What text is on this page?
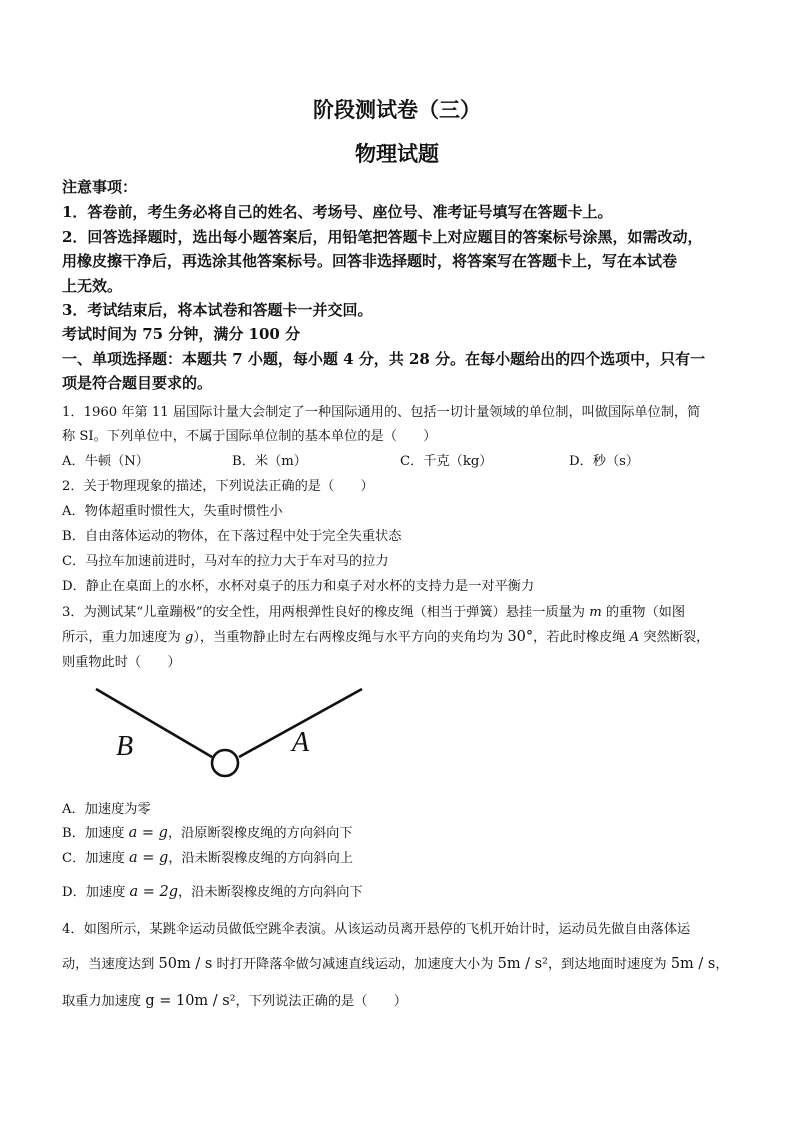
阶段测试卷（三）
物理试题
注意事项：
1．答卷前，考生务必将自己的姓名、考场号、座位号、准考证号填写在答题卡上。
2．回答选择题时，选出每小题答案后，用铅笔把答题卡上对应题目的答案标号涂黑，如需改动，
用橡皮擦干净后，再选涂其他答案标号。回答非选择题时，将答案写在答题卡上，写在本试卷
上无效。
3．考试结束后，将本试卷和答题卡一并交回。
考试时间为 75 分钟，满分 100 分
一、单项选择题：本题共 7 小题，每小题 4 分，共 28 分。在每小题给出的四个选项中，只有一
项是符合题目要求的。
1．1960 年第 11 届国际计量大会制定了一种国际通用的、包括一切计量领域的单位制，叫做国际单位制，简
称 SI。下列单位中，不属于国际单位制的基本单位的是（　　）
A．牛顿（N）	B．米（m）	C．千克（kg）	D．秒（s）
2．关于物理现象的描述，下列说法正确的是（　　）
A．物体超重时惯性大，失重时惯性小
B．自由落体运动的物体，在下落过程中处于完全失重状态
C．马拉车加速前进时，马对车的拉力大于车对马的拉力
D．静止在桌面上的水杯，水杯对桌子的压力和桌子对水杯的支持力是一对平衡力
3．为测试某“儿童蹦极”的安全性，用两根弹性良好的橡皮绳（相当于弹簧）悬挂一质量为 m 的重物（如图
所示，重力加速度为 g），当重物静止时左右两橡皮绳与水平方向的夹角均为 30°，若此时橡皮绳 A 突然断裂，
则重物此时（　　）
B	A
A．加速度为零
B．加速度 a = g，沿原断裂橡皮绳的方向斜向下
C．加速度 a = g，沿未断裂橡皮绳的方向斜向上
D．加速度 a = 2g，沿未断裂橡皮绳的方向斜向下
4．如图所示，某跳伞运动员做低空跳伞表演。从该运动员离开悬停的飞机开始计时，运动员先做自由落体运
动，当速度达到 50m / s 时打开降落伞做匀减速直线运动，加速度大小为 5m / s²，到达地面时速度为 5m / s，
取重力加速度 g = 10m / s²，下列说法正确的是（　　）
